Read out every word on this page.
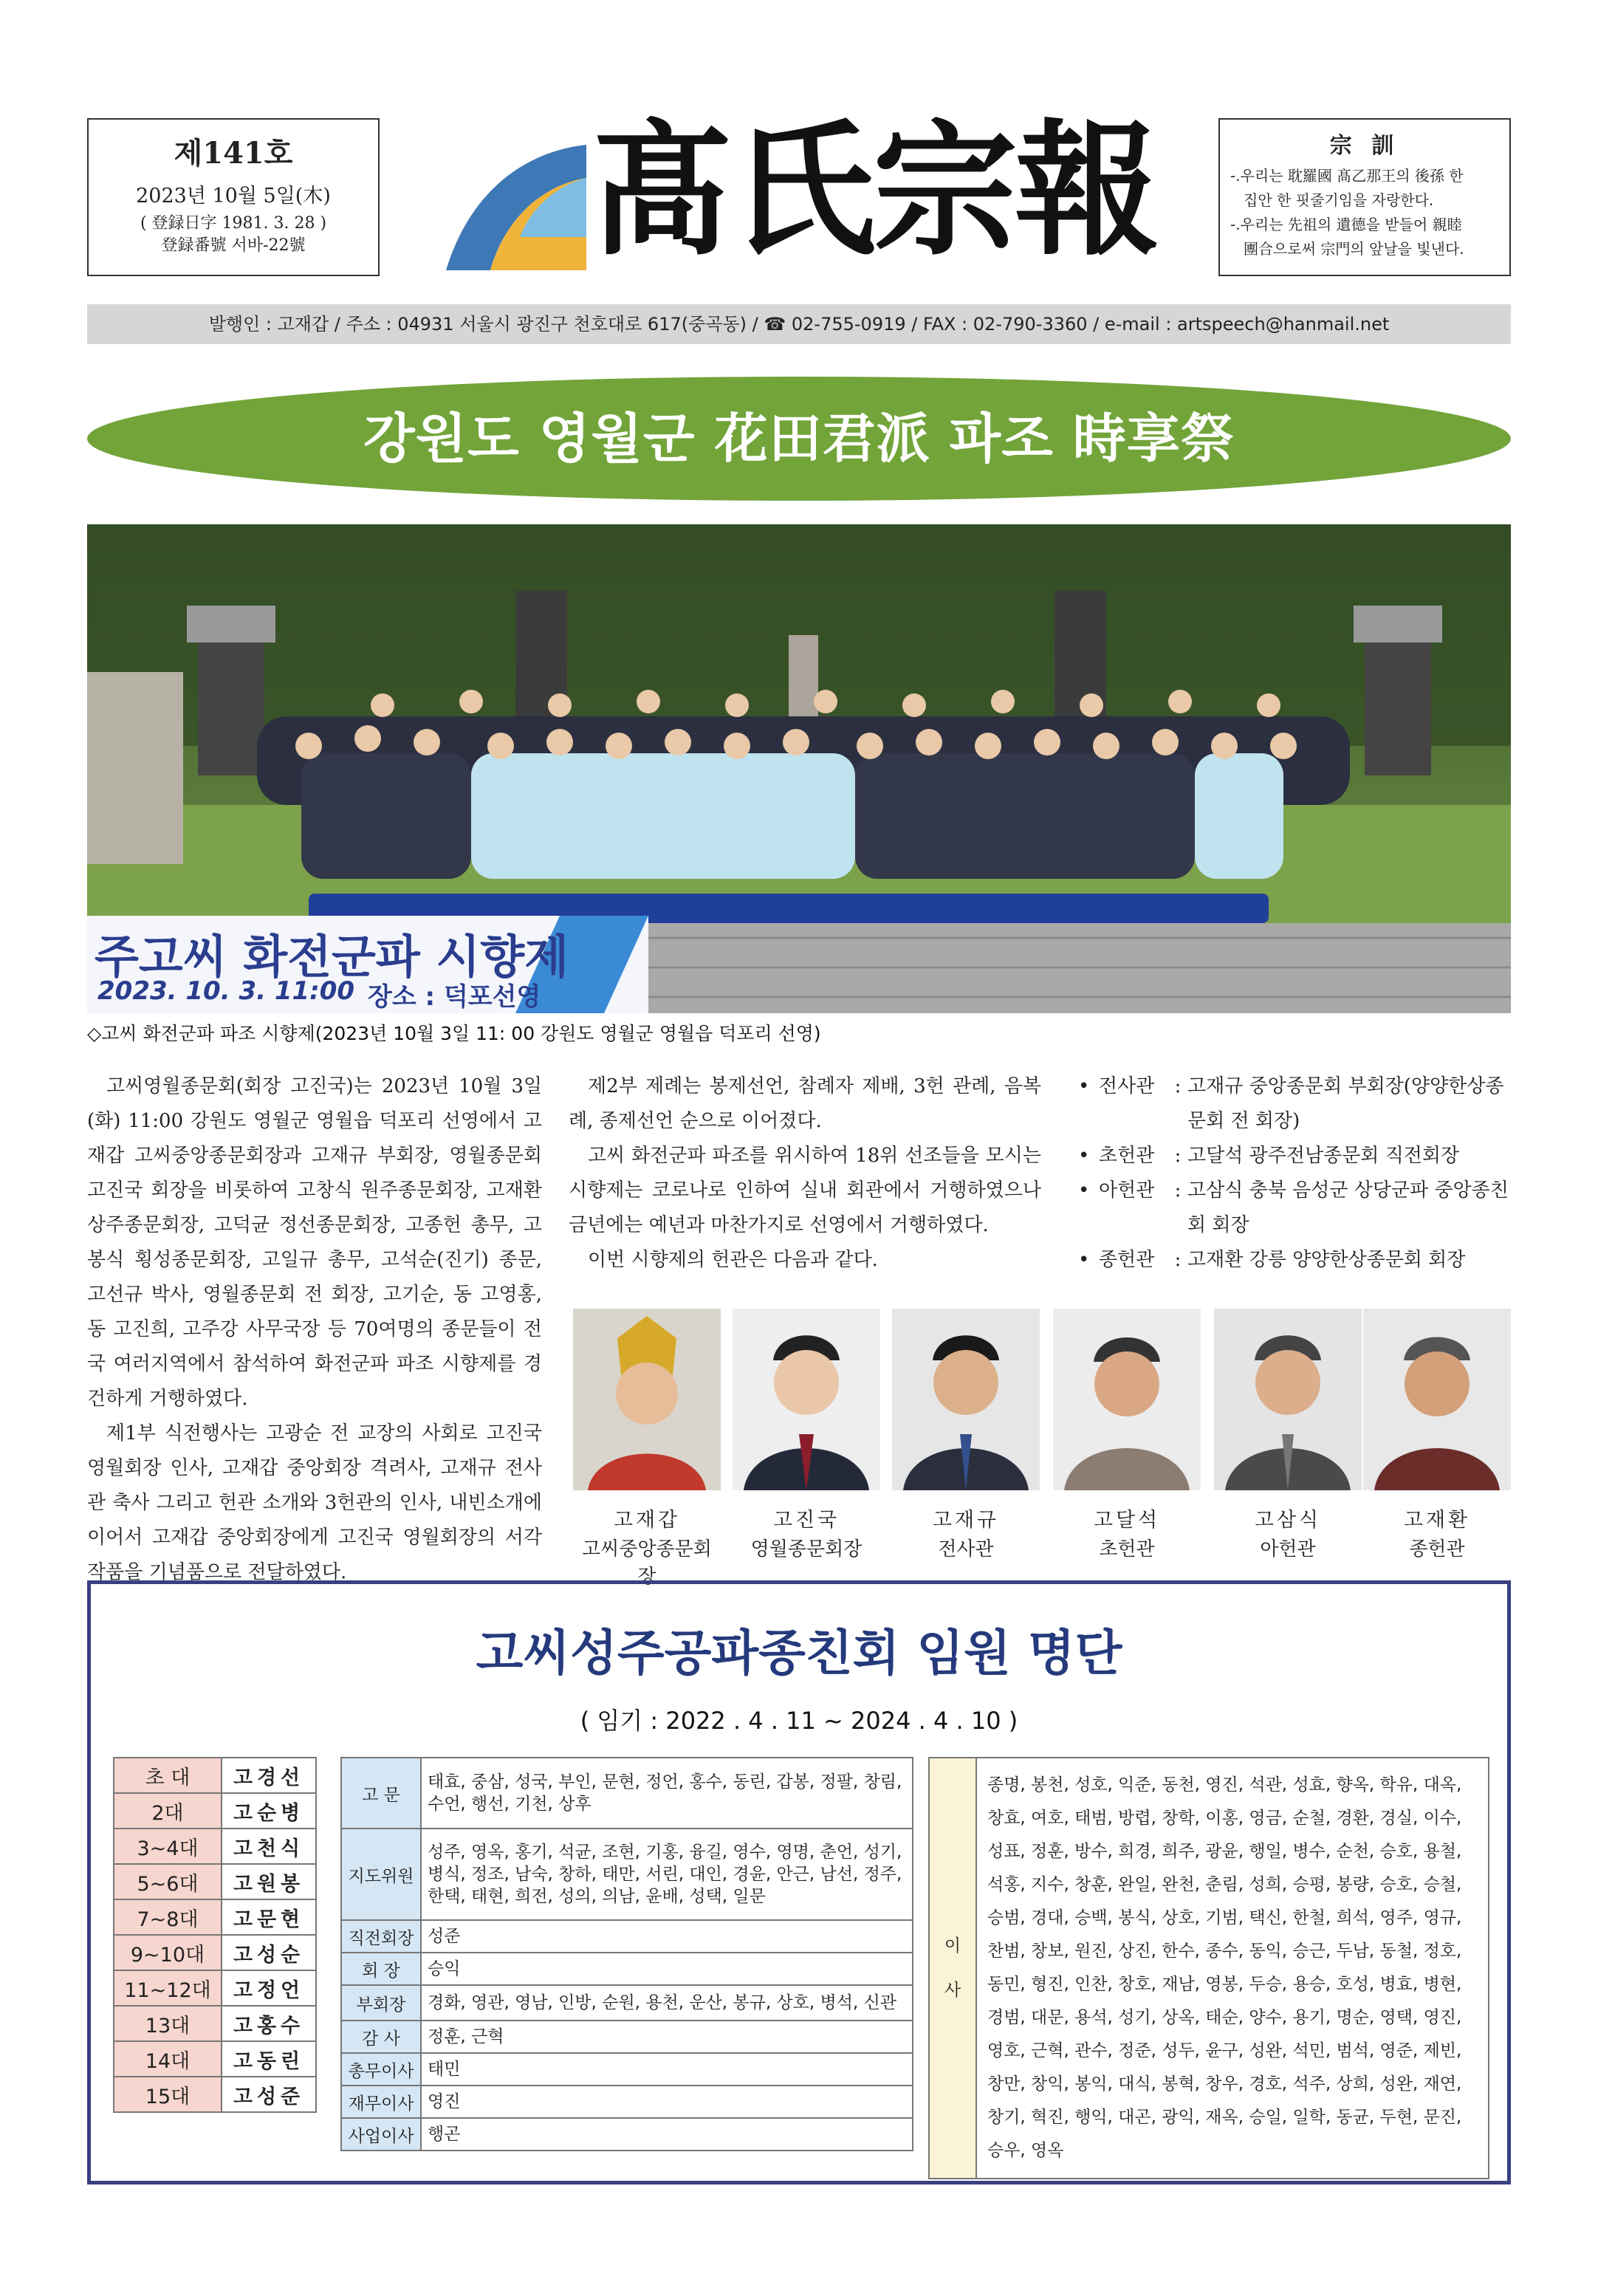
제141호
2023년 10월 5일(木)
( 登録日字 1981. 3. 28 )
登録番號 서바-22號	髙氏宗報	宗 訓
-.우리는 耽羅國 髙乙那王의 後孫 한
집안 한 핏줄기임을 자랑한다.
-.우리는 先祖의 遺德을 받들어 親睦
團合으로써 宗門의 앞날을 빛낸다.
발행인 : 고재갑 / 주소 : 04931 서울시 광진구 천호대로 617(중곡동) / ☎ 02-755-0919 / FAX : 02-790-3360 / e-mail : artspeech@hanmail.net
강원도 영월군 花田君派 파조 時享祭
주고씨 화전군파 시향제
2023. 10. 3. 11:00 장소 : 덕포선영
◇고씨 화전군파 파조 시향제(2023년 10월 3일 11: 00 강원도 영월군 영월읍 덕포리 선영)

고씨영월종문회(회장 고진국)는 2023년 10월 3일(화) 11:00 강원도 영월군 영월읍 덕포리 선영에서 고재갑 고씨중앙종문회장과 고재규 부회장, 영월종문회 고진국 회장을 비롯하여 고창식 원주종문회장, 고재환 상주종문회장, 고덕균 정선종문회장, 고종헌 총무, 고봉식 횡성종문회장, 고일규 총무, 고석순(진기) 종문, 고선규 박사, 영월종문회 전 회장, 고기순, 동 고영홍, 동 고진희, 고주강 사무국장 등 70여명의 종문들이 전국 여러지역에서 참석하여 화전군파 파조 시향제를 경건하게 거행하였다.

제1부 식전행사는 고광순 전 교장의 사회로 고진국 영월회장 인사, 고재갑 중앙회장 격려사, 고재규 전사관 축사 그리고 헌관 소개와 3헌관의 인사, 내빈소개에 이어서 고재갑 중앙회장에게 고진국 영월회장의 서각 작품을 기념품으로 전달하였다.

제2부 제례는 봉제선언, 참례자 제배, 3헌 관례, 음복례, 종제선언 순으로 이어졌다.

고씨 화전군파 파조를 위시하여 18위 선조들을 모시는 시향제는 코로나로 인하여 실내 회관에서 거행하였으나 금년에는 예년과 마찬가지로 선영에서 거행하였다.

이번 시향제의 헌관은 다음과 같다.

• 전사관	: 고재규 중앙종문회 부회장(양양한상종문회 전 회장)
• 초헌관	: 고달석 광주전남종문회 직전회장
• 아헌관	: 고삼식 충북 음성군 상당군파 중앙종친회 회장
• 종헌관	: 고재환 강릉 양양한상종문회 회장
고재갑
고씨중앙종문회장
고진국
영월종문회장
고재규
전사관
고달석
초헌관
고삼식
아헌관
고재환
종헌관
고씨성주공파종친회 임원 명단
( 임기 : 2022 . 4 . 11 ~ 2024 . 4 . 10 )
초 대	고경선
2대	고순병
3~4대	고천식
5~6대	고원봉
7~8대	고문현
9~10대	고성순
11~12대	고정언
13대	고홍수
14대	고동린
15대	고성준
고 문	태효, 중삼, 성국, 부인, 문현, 정언, 홍수, 동린, 갑봉, 정팔, 창림, 수언, 행선, 기천, 상후
지도위원	성주, 영옥, 홍기, 석균, 조현, 기홍, 융길, 영수, 영명, 춘언, 성기, 병식, 정조, 남숙, 창하, 태만, 서린, 대인, 경윤, 안근, 남선, 정주, 한택, 태현, 희전, 성의, 의남, 윤배, 성택, 일문
직전회장	성준
회 장	승익
부회장	경화, 영관, 영남, 인방, 순원, 용천, 운산, 봉규, 상호, 병석, 신관
감 사	정훈, 근혁
총무이사	태민
재무이사	영진
사업이사	행곤
이

사	종명, 봉천, 성호, 익준, 동천, 영진, 석관, 성효, 향옥, 학유, 대옥, 창효, 여호, 태범, 방렵, 창학, 이홍, 영금, 순철, 경환, 경실, 이수, 성표, 정훈, 방수, 희경, 희주, 광윤, 행일, 병수, 순천, 승호, 용철, 석홍, 지수, 창훈, 완일, 완천, 춘림, 성희, 승평, 봉량, 승호, 승철, 승범, 경대, 승백, 봉식, 상호, 기범, 택신, 한철, 희석, 영주, 영규, 찬범, 창보, 원진, 상진, 한수, 종수, 동익, 승근, 두남, 동철, 정호, 동민, 형진, 인찬, 창호, 재남, 영봉, 두승, 용승, 호성, 병효, 병현, 경범, 대문, 용석, 성기, 상옥, 태순, 양수, 용기, 명순, 영택, 영진, 영호, 근혁, 관수, 정준, 성두, 윤구, 성완, 석민, 범석, 영준, 제빈, 창만, 창익, 봉익, 대식, 봉혁, 창우, 경호, 석주, 상희, 성완, 재연, 창기, 혁진, 행익, 대곤, 광익, 재옥, 승일, 일학, 동균, 두현, 문진, 승우, 영옥
